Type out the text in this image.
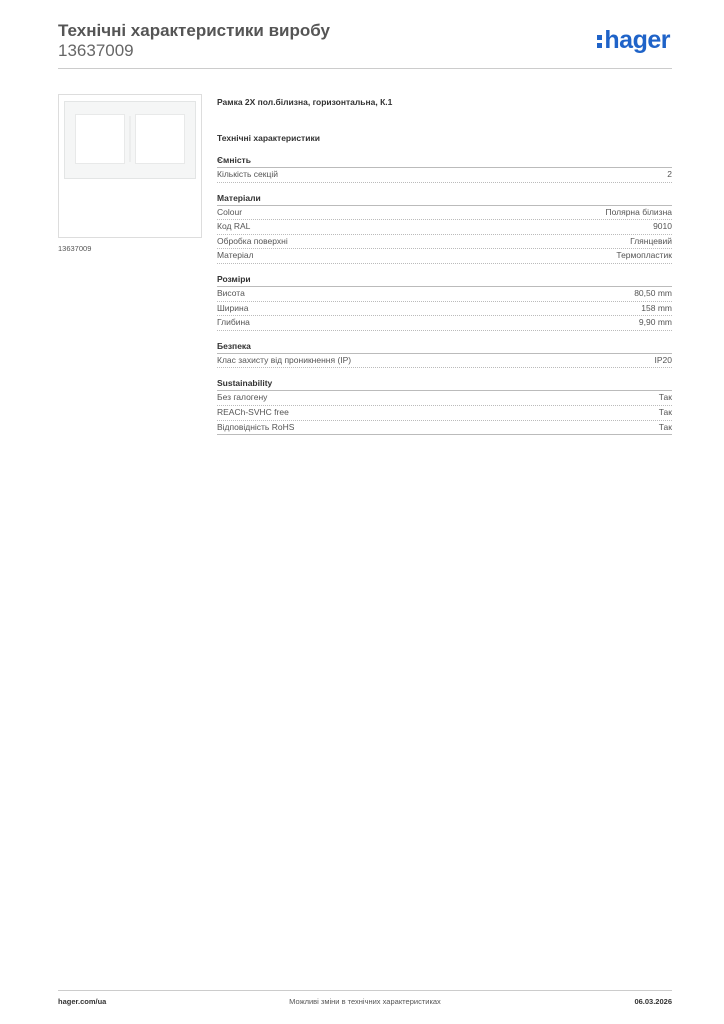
Технічні характеристики виробу
13637009	hager
13637009
Рамка 2Х пол.білизна, горизонтальна, К.1
Технічні характеристики
Ємність
Кількість секцій	2
Матеріали
Colour	Полярна білизна
Код RAL	9010
Обробка поверхні	Глянцевий
Матеріал	Термопластик
Розміри
Висота	80,50 mm
Ширина	158 mm
Глибина	9,90 mm
Безпека
Клас захисту від проникнення (IP)	IP20
Sustainability
Без галогену	Так
REACh-SVHC free	Так
Відповідність RoHS	Так
hager.com/ua	Можливі зміни в технічних характеристиках	06.03.2026
